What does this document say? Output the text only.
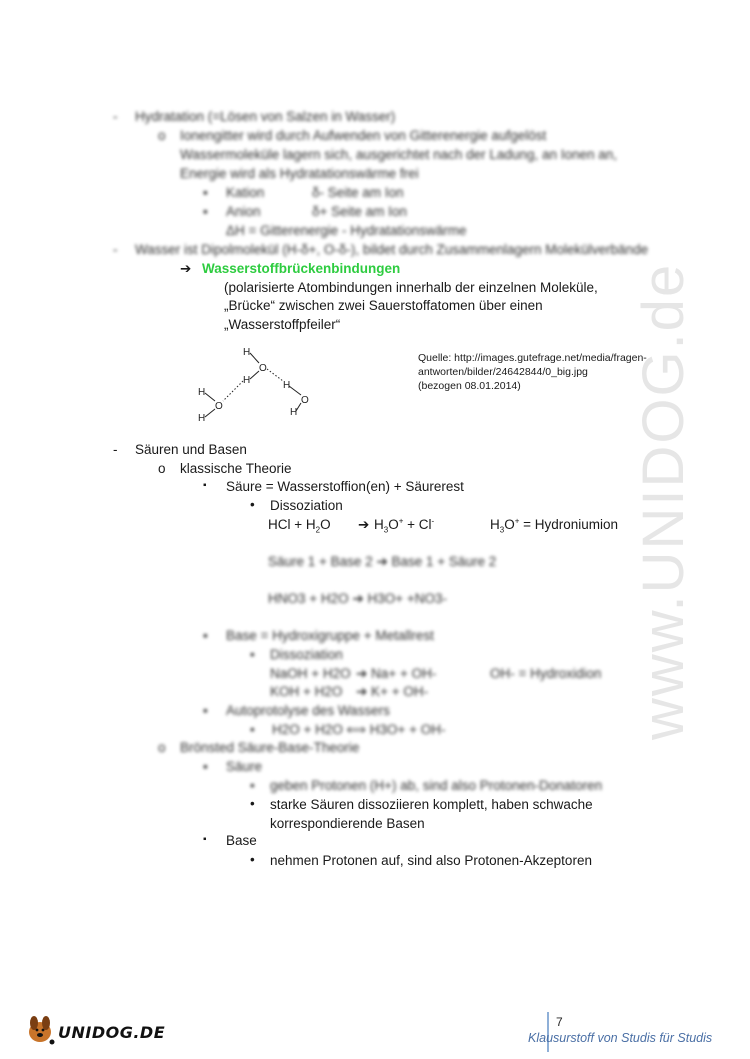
www.UNIDOG.de
- Hydratation (=Lösen von Salzen in Wasser)
o Ionengitter wird durch Aufwenden von Gitterenergie aufgelöst
Wassermoleküle lagern sich, ausgerichtet nach der Ladung, an Ionen an,
Energie wird als Hydratationswärme frei
▪ Kation	δ- Seite am Ion
▪ Anion	δ+ Seite am Ion
ΔH = Gitterenergie - Hydratationswärme
- Wasser ist Dipolmolekül (H-δ+, O-δ-), bildet durch Zusammenlagern Molekülverbände
➔ Wasserstoffbrückenbindungen
(polarisierte Atombindungen innerhalb der einzelnen Moleküle,
„Brücke“ zwischen zwei Sauerstoffatomen über einen
„Wasserstoffpfeiler“
H
O
H
H
O
H
H
O
H
Quelle: http://images.gutefrage.net/media/fragen-
antworten/bilder/24642844/0_big.jpg
(bezogen 08.01.2014)
- Säuren und Basen
o klassische Theorie
▪ Säure = Wasserstoffion(en) + Säurerest
• Dissoziation
HCl + $H_2O$ ➔ $H_3O^+ + Cl^-$	$H_3O^+$ = Hydroniumion
Säure 1 + Base 2 ➔ Base 1 + Säure 2
HNO3 + H2O ➔ H3O+ +NO3-
▪ Base = Hydroxigruppe + Metallrest
• Dissoziation
NaOH + H2O ➔ Na+ + OH-	OH- = Hydroxidion
KOH + H2O ➔ K+ + OH-
▪ Autoprotolyse des Wassers
• H2O + H2O ⟺ H3O+ + OH-
o Brönsted Säure-Base-Theorie
▪ Säure
• geben Protonen (H+) ab, sind also Protonen-Donatoren
• starke Säuren dissoziieren komplett, haben schwache
korrespondierende Basen
▪ Base
• nehmen Protonen auf, sind also Protonen-Akzeptoren
UNIDOG.DE
7
Klausurstoff von Studis für Studis
